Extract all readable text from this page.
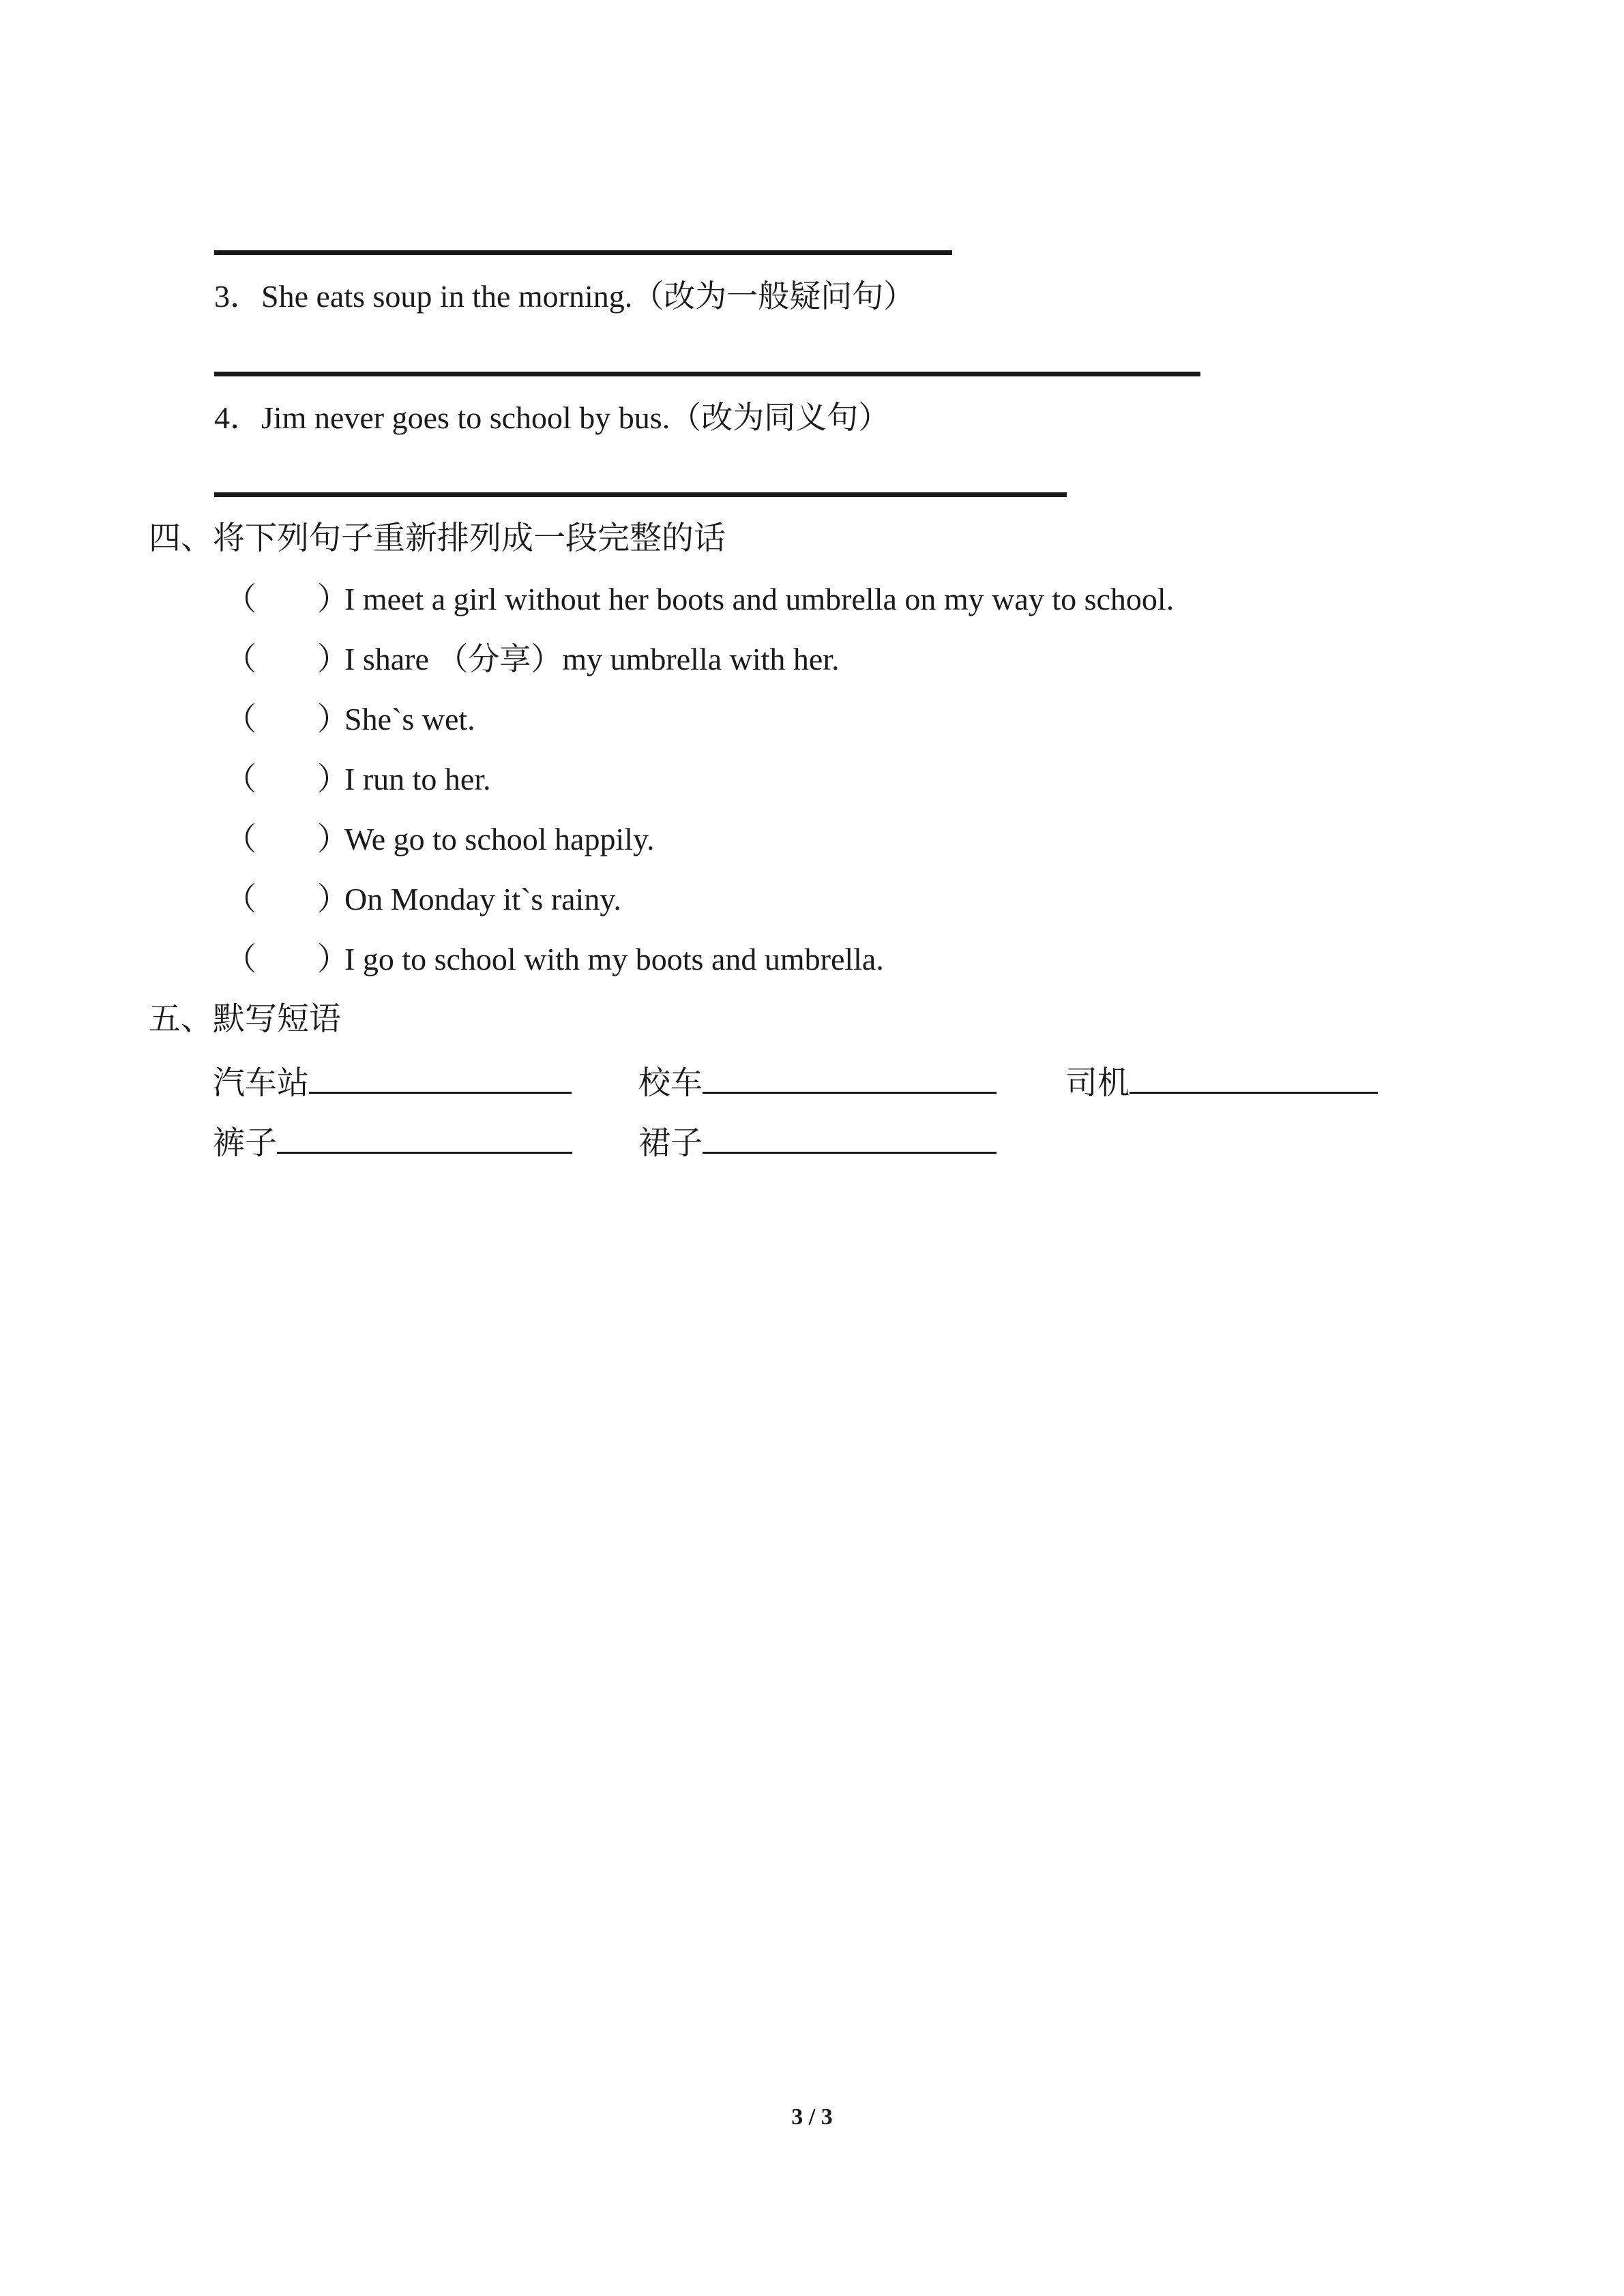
3．She eats soup in the morning.（改为一般疑问句）
4．Jim never goes to school by bus.（改为同义句）
四、将下列句子重新排列成一段完整的话
（ ）I meet a girl without her boots and umbrella on my way to school.
（ ）I share （分享）my umbrella with her.
（ ）She`s wet.
（ ）I run to her.
（ ）We go to school happily.
（ ）On Monday it`s rainy.
（ ）I go to school with my boots and umbrella.
五、默写短语
汽车站	校车	司机
裤子	裙子
3 / 3
